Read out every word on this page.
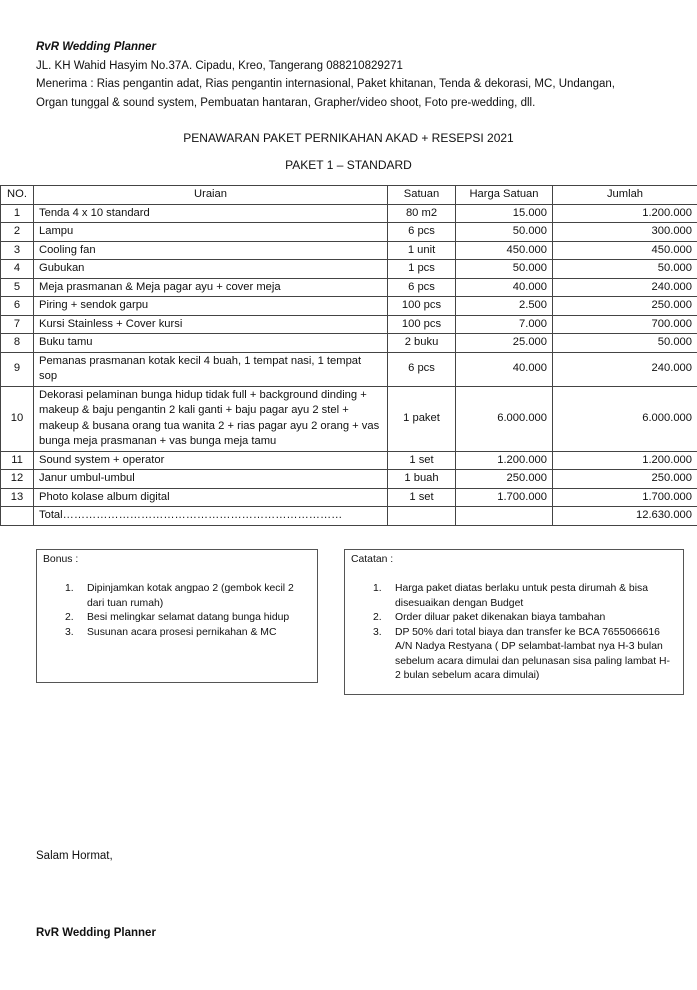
RvR Wedding Planner
JL. KH Wahid Hasyim No.37A. Cipadu, Kreo, Tangerang 088210829271
Menerima : Rias pengantin adat, Rias pengantin internasional, Paket khitanan, Tenda & dekorasi, MC, Undangan,
Organ tunggal & sound system, Pembuatan hantaran, Grapher/video shoot, Foto pre-wedding, dll.
PENAWARAN PAKET PERNIKAHAN AKAD + RESEPSI 2021
PAKET 1 – STANDARD
NO.	Uraian	Satuan	Harga Satuan	Jumlah
1	Tenda 4 x 10 standard	80 m2	15.000	1.200.000
2	Lampu	6 pcs	50.000	300.000
3	Cooling fan	1 unit	450.000	450.000
4	Gubukan	1 pcs	50.000	50.000
5	Meja prasmanan & Meja pagar ayu + cover meja	6 pcs	40.000	240.000
6	Piring + sendok garpu	100 pcs	2.500	250.000
7	Kursi Stainless + Cover kursi	100 pcs	7.000	700.000
8	Buku tamu	2 buku	25.000	50.000
9	Pemanas prasmanan kotak kecil 4 buah, 1 tempat nasi, 1 tempat sop	6 pcs	40.000	240.000
10	Dekorasi pelaminan bunga hidup tidak full + background dinding + makeup & baju pengantin 2 kali ganti + baju pagar ayu 2 stel + makeup & busana orang tua wanita 2 + rias pagar ayu 2 orang + vas bunga meja prasmanan + vas bunga meja tamu	1 paket	6.000.000	6.000.000
11	Sound system + operator	1 set	1.200.000	1.200.000
12	Janur umbul-umbul	1 buah	250.000	250.000
13	Photo kolase album digital	1 set	1.700.000	1.700.000
	Total…………………………………………………………………			12.630.000
Bonus :
1.	Dipinjamkan kotak angpao 2 (gembok kecil 2 dari tuan rumah)
2.	Besi melingkar selamat datang bunga hidup
3.	Susunan acara prosesi pernikahan & MC
Catatan :
1.	Harga paket diatas berlaku untuk pesta dirumah & bisa disesuaikan dengan Budget
2.	Order diluar paket dikenakan biaya tambahan
3.	DP 50% dari total biaya dan transfer ke BCA 7655066616 A/N Nadya Restyana ( DP selambat-lambat nya H-3 bulan sebelum acara dimulai dan pelunasan sisa paling lambat H-2 bulan sebelum acara dimulai)
Salam Hormat,
RvR Wedding Planner
